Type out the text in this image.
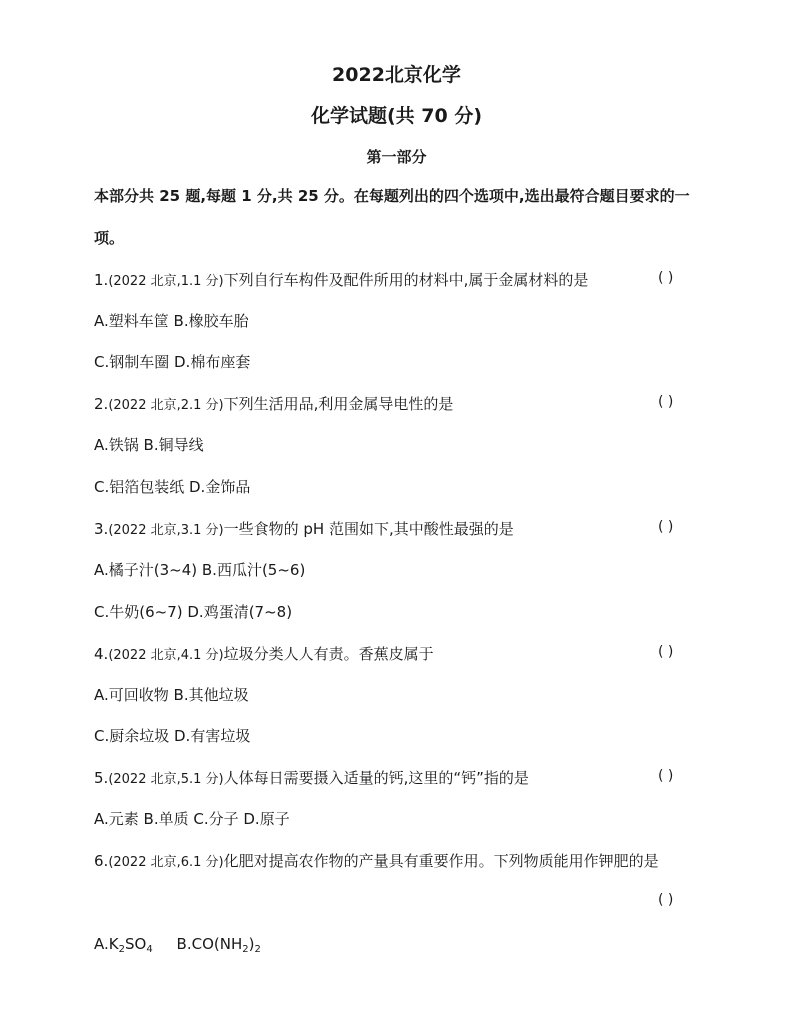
2022北京化学
化学试题(共 70 分)
第一部分
本部分共 25 题,每题 1 分,共 25 分。在每题列出的四个选项中,选出最符合题目要求的一
项。
1.(2022 北京,1.1 分)下列自行车构件及配件所用的材料中,属于金属材料的是	( )
A.塑料车筐 B.橡胶车胎
C.钢制车圈 D.棉布座套
2.(2022 北京,2.1 分)下列生活用品,利用金属导电性的是	( )
A.铁锅 B.铜导线
C.铝箔包装纸 D.金饰品
3.(2022 北京,3.1 分)一些食物的 pH 范围如下,其中酸性最强的是	( )
A.橘子汁(3~4) B.西瓜汁(5~6)
C.牛奶(6~7) D.鸡蛋清(7~8)
4.(2022 北京,4.1 分)垃圾分类人人有责。香蕉皮属于	( )
A.可回收物 B.其他垃圾
C.厨余垃圾 D.有害垃圾
5.(2022 北京,5.1 分)人体每日需要摄入适量的钙,这里的“钙”指的是	( )
A.元素 B.单质 C.分子 D.原子
6.(2022 北京,6.1 分)化肥对提高农作物的产量具有重要作用。下列物质能用作钾肥的是
( )
$A.K_2SO_4$ $B.CO(NH_2)_2$
